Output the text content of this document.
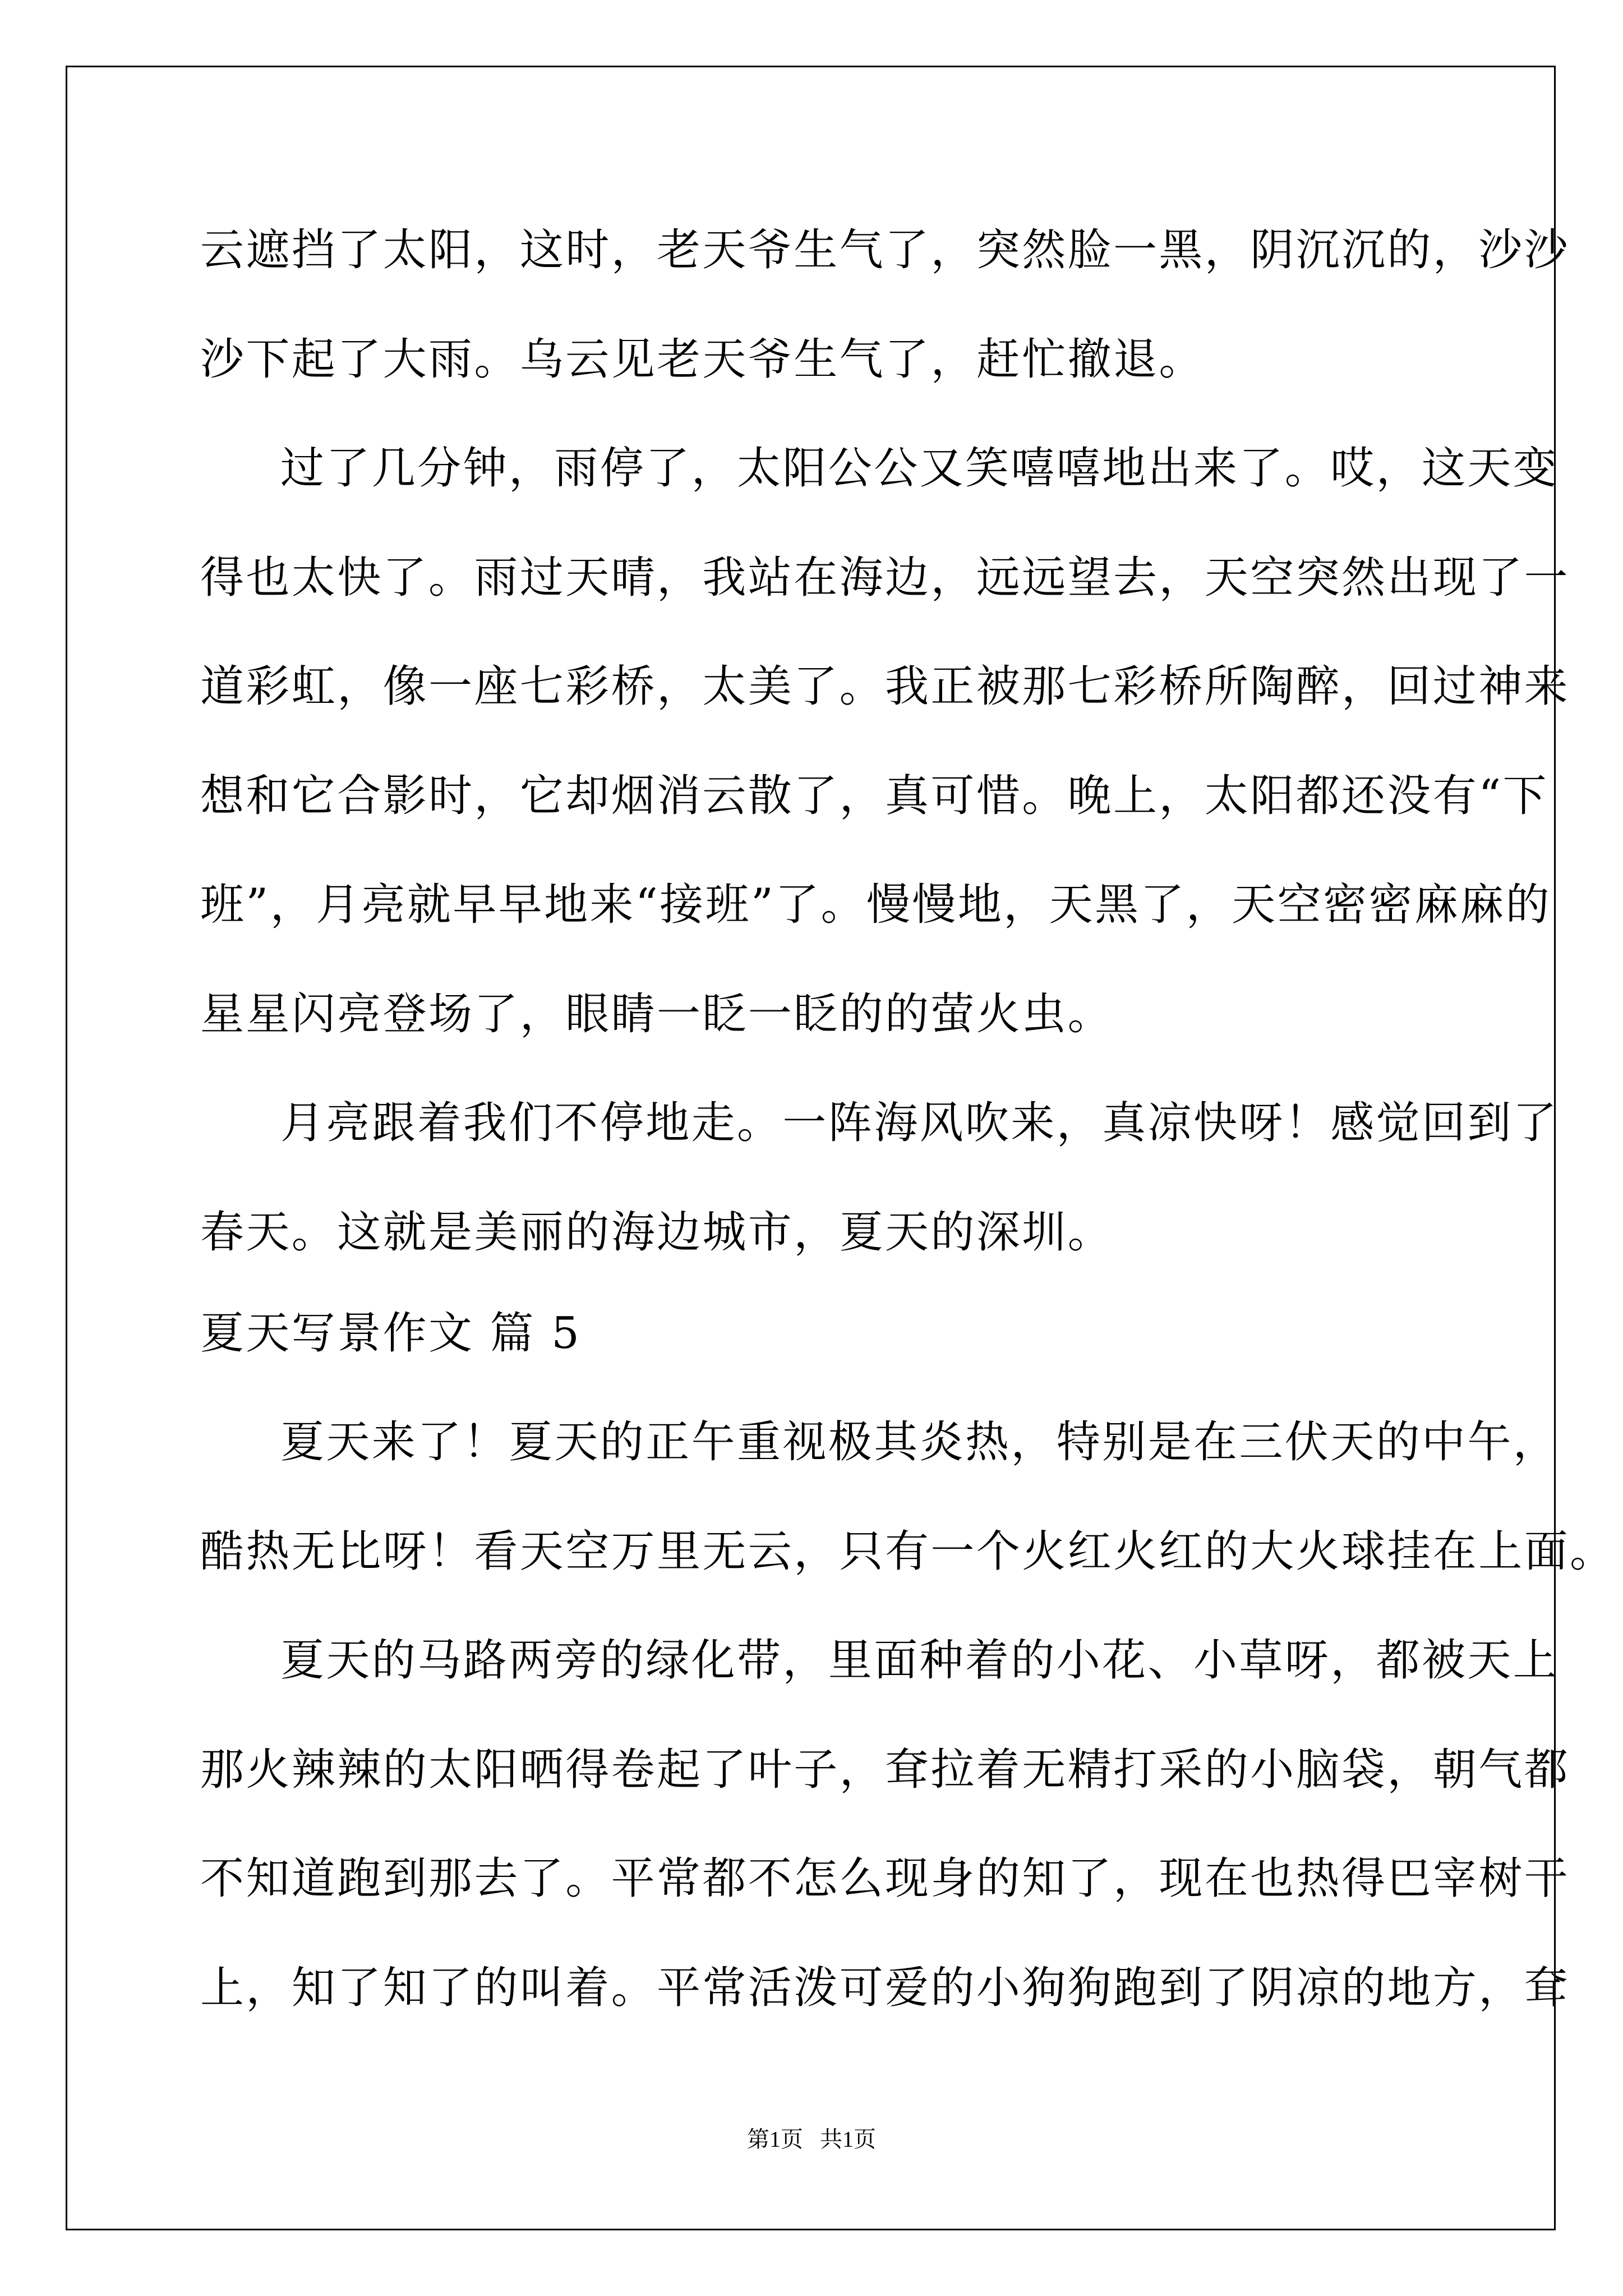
云遮挡了太阳，这时，老天爷生气了，突然脸一黑，阴沉沉的，沙沙
沙下起了大雨。乌云见老天爷生气了，赶忙撤退。
过了几分钟，雨停了，太阳公公又笑嘻嘻地出来了。哎，这天变
得也太快了。雨过天晴，我站在海边，远远望去，天空突然出现了一
道彩虹，像一座七彩桥，太美了。我正被那七彩桥所陶醉，回过神来
想和它合影时，它却烟消云散了，真可惜。晚上，太阳都还没有“下
班”，月亮就早早地来“接班”了。慢慢地，天黑了，天空密密麻麻的
星星闪亮登场了，眼睛一眨一眨的的萤火虫。
月亮跟着我们不停地走。一阵海风吹来，真凉快呀！感觉回到了
春天。这就是美丽的海边城市，夏天的深圳。
夏天写景作文 篇 5
夏天来了！夏天的正午重视极其炎热，特别是在三伏天的中午，
酷热无比呀！看天空万里无云，只有一个火红火红的大火球挂在上面。
夏天的马路两旁的绿化带，里面种着的小花、小草呀，都被天上
那火辣辣的太阳晒得卷起了叶子，耷拉着无精打采的小脑袋，朝气都
不知道跑到那去了。平常都不怎么现身的知了，现在也热得巴宰树干
上，知了知了的叫着。平常活泼可爱的小狗狗跑到了阴凉的地方，耷
第1页   共1页
